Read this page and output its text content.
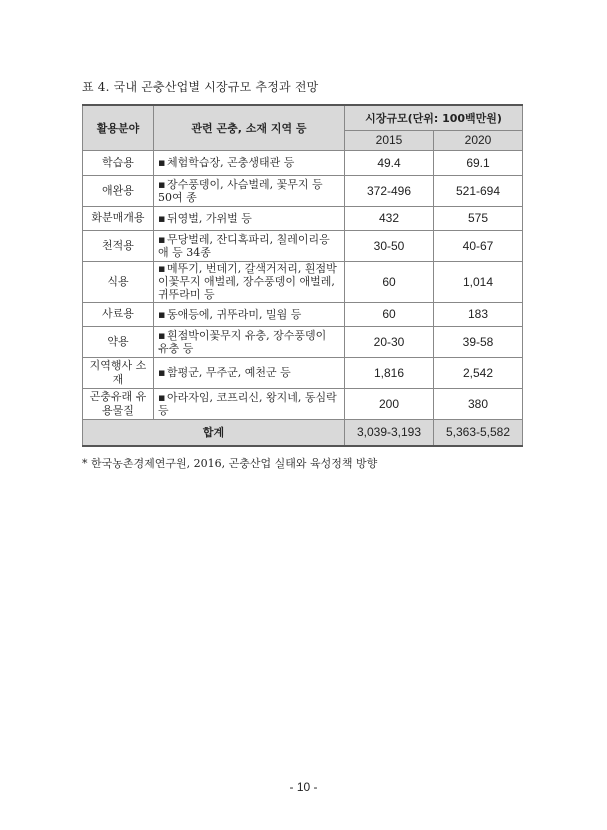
표 4. 국내 곤충산업별 시장규모 추정과 전망
활용분야	관련 곤충, 소재 지역 등	시장규모(단위: 100백만원)	
		2015	2020
학습용	▪ 체험학습장, 곤충생태관 등	49.4	69.1
애완용	▪ 장수풍뎅이, 사슴벌레, 꽃무지 등 50여 종	372-496	521-694
화분매개용	▪ 뒤영벌, 가위벌 등	432	575
천적용	▪ 무당벌레, 잔디혹파리, 칠레이리응애 등 34종	30-50	40-67
식용	▪ 메뚜기, 번데기, 갈색거저리, 흰점박이꽃무지 애벌레, 장수풍뎅이 애벌레, 귀뚜라미 등	60	1,014
사료용	▪ 동애등에, 귀뚜라미, 밀웜 등	60	183
약용	▪ 흰점박이꽃무지 유충, 장수풍뎅이 유충 등	20-30	39-58
지역행사 소재	▪ 함평군, 무주군, 예천군 등	1,816	2,542
곤충유래 유용물질	▪ 아라자임, 코프리신, 왕지네, 동심락 등	200	380
합계		3,039-3,193	5,363-5,582
* 한국농촌경제연구원, 2016, 곤충산업 실태와 육성정책 방향
- 10 -
